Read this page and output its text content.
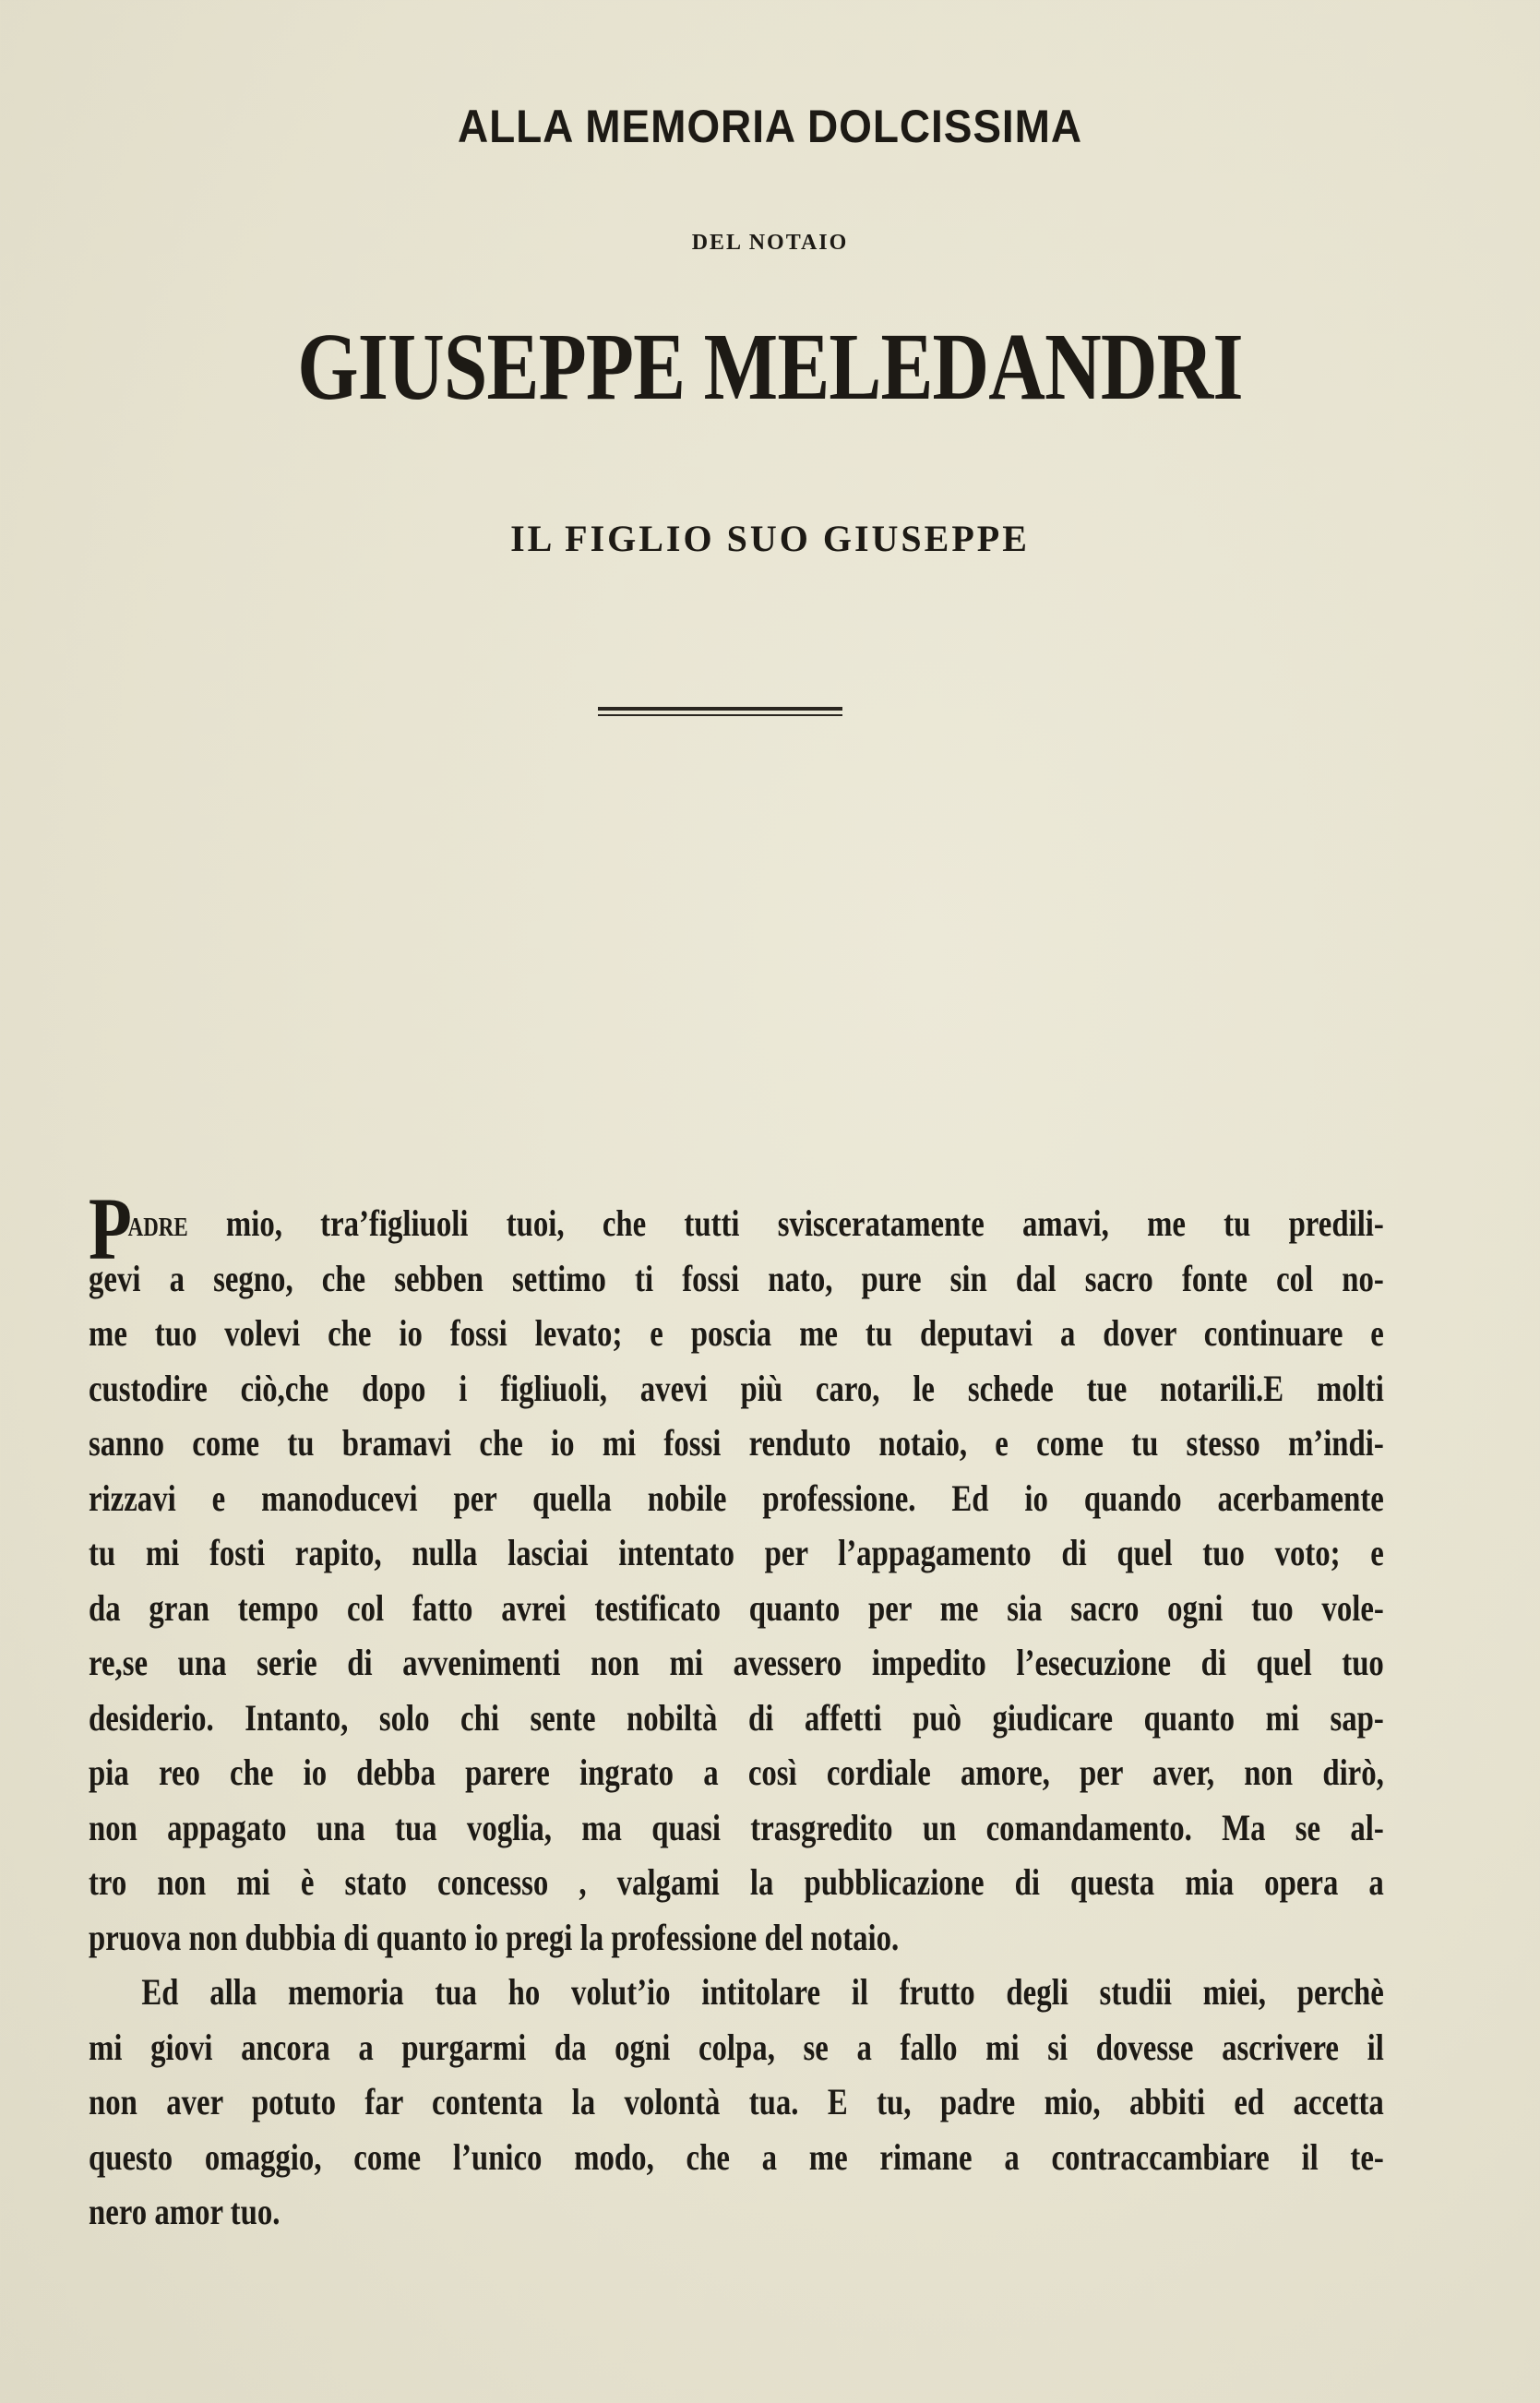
ALLA MEMORIA DOLCISSIMA
DEL NOTAIO
GIUSEPPE MELEDANDRI
IL FIGLIO SUO GIUSEPPE
P
adre mio, tra’figliuoli tuoi, che tutti svisceratamente amavi, me tu predili-
gevi a segno, che sebben settimo ti fossi nato, pure sin dal sacro fonte col no-
me tuo volevi che io fossi levato; e poscia me tu deputavi a dover continuare e
custodire ciò,che dopo i figliuoli, avevi più caro, le schede tue notarili.E molti
sanno come tu bramavi che io mi fossi renduto notaio, e come tu stesso m’indi-
rizzavi e manoducevi per quella nobile professione. Ed io quando acerbamente
tu mi fosti rapito, nulla lasciai intentato per l’appagamento di quel tuo voto; e
da gran tempo col fatto avrei testificato quanto per me sia sacro ogni tuo vole-
re,se una serie di avvenimenti non mi avessero impedito l’esecuzione di quel tuo
desiderio. Intanto, solo chi sente nobiltà di affetti può giudicare quanto mi sap-
pia reo che io debba parere ingrato a così cordiale amore, per aver, non dirò,
non appagato una tua voglia, ma quasi trasgredito un comandamento. Ma se al-
tro non mi è stato concesso , valgami la pubblicazione di questa mia opera a
pruova non dubbia di quanto io pregi la professione del notaio.
Ed alla memoria tua ho volut’io intitolare il frutto degli studii miei, perchè
mi giovi ancora a purgarmi da ogni colpa, se a fallo mi si dovesse ascrivere il
non aver potuto far contenta la volontà tua. E tu, padre mio, abbiti ed accetta
questo omaggio, come l’unico modo, che a me rimane a contraccambiare il te-
nero amor tuo.
